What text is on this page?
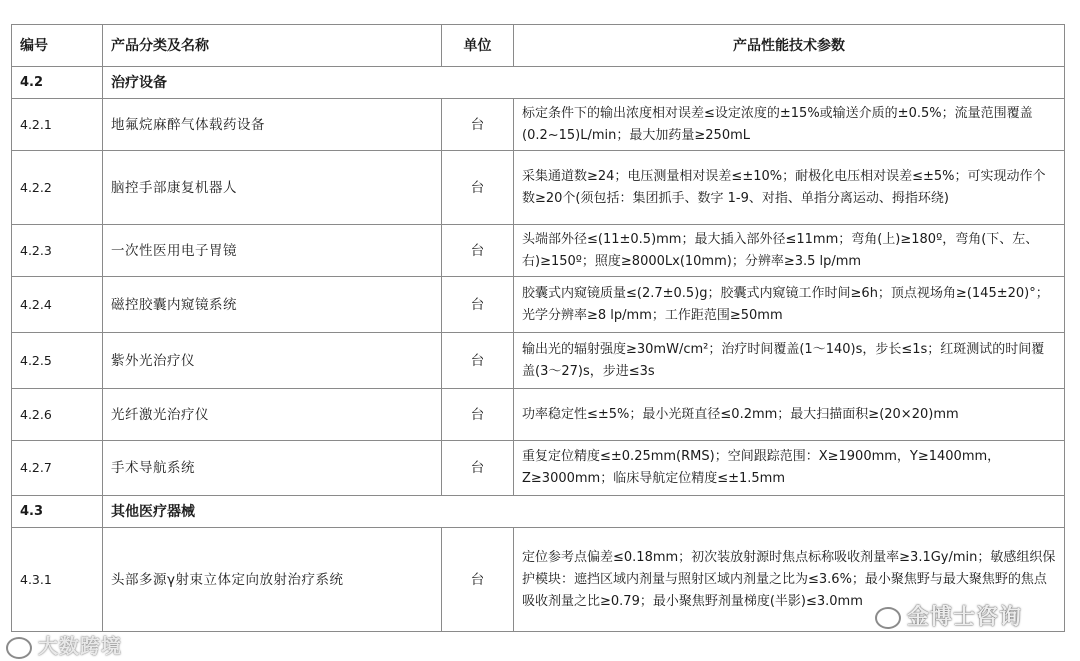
编号	产品分类及名称	单位	产品性能技术参数
4.2	治疗设备		
4.2.1	地氟烷麻醉气体载药设备	台	标定条件下的输出浓度相对误差≤设定浓度的±15%或输送介质的±0.5%；流量范围覆盖(0.2~15)L/min；最大加药量≥250mL
4.2.2	脑控手部康复机器人	台	采集通道数≥24；电压测量相对误差≤±10%；耐极化电压相对误差≤±5%；可实现动作个数≥20个(须包括：集团抓手、数字 1-9、对指、单指分离运动、拇指环绕)
4.2.3	一次性医用电子胃镜	台	头端部外径≤(11±0.5)mm；最大插入部外径≤11mm；弯角(上)≥180º，弯角(下、左、右)≥150º；照度≥8000Lx(10mm)；分辨率≥3.5 lp/mm
4.2.4	磁控胶囊内窥镜系统	台	胶囊式内窥镜质量≤(2.7±0.5)g；胶囊式内窥镜工作时间≥6h；顶点视场角≥(145±20)°；光学分辨率≥8 lp/mm；工作距范围≥50mm
4.2.5	紫外光治疗仪	台	输出光的辐射强度≥30mW/cm²；治疗时间覆盖(1～140)s，步长≤1s；红斑测试的时间覆盖(3～27)s，步进≤3s
4.2.6	光纤激光治疗仪	台	功率稳定性≤±5%；最小光斑直径≤0.2mm；最大扫描面积≥(20×20)mm
4.2.7	手术导航系统	台	重复定位精度≤±0.25mm(RMS)；空间跟踪范围：X≥1900mm，Y≥1400mm，Z≥3000mm；临床导航定位精度≤±1.5mm
4.3	其他医疗器械		
4.3.1	头部多源γ射束立体定向放射治疗系统	台	定位参考点偏差≤0.18mm；初次装放射源时焦点标称吸收剂量率≥3.1Gy/min；敏感组织保护模块：遮挡区域内剂量与照射区域内剂量之比为≤3.6%；最小聚焦野与最大聚焦野的焦点吸收剂量之比≥0.79；最小聚焦野剂量梯度(半影)≤3.0mm
大数跨境
金博士咨询
